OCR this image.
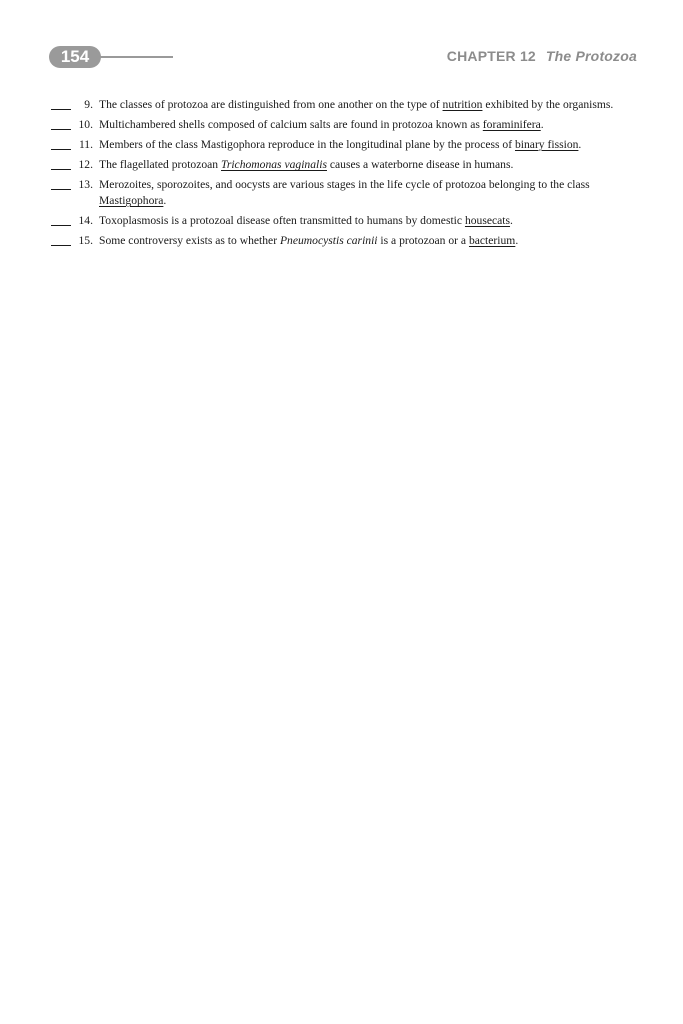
154	CHAPTER 12 The Protozoa
9. The classes of protozoa are distinguished from one another on the type of nutrition exhibited by the organisms.
10. Multichambered shells composed of calcium salts are found in protozoa known as foraminifera.
11. Members of the class Mastigophora reproduce in the longitudinal plane by the process of binary fission.
12. The flagellated protozoan Trichomonas vaginalis causes a waterborne disease in humans.
13. Merozoites, sporozoites, and oocysts are various stages in the life cycle of protozoa belonging to the class Mastigophora.
14. Toxoplasmosis is a protozoal disease often transmitted to humans by domestic housecats.
15. Some controversy exists as to whether Pneumocystis carinii is a protozoan or a bacterium.
